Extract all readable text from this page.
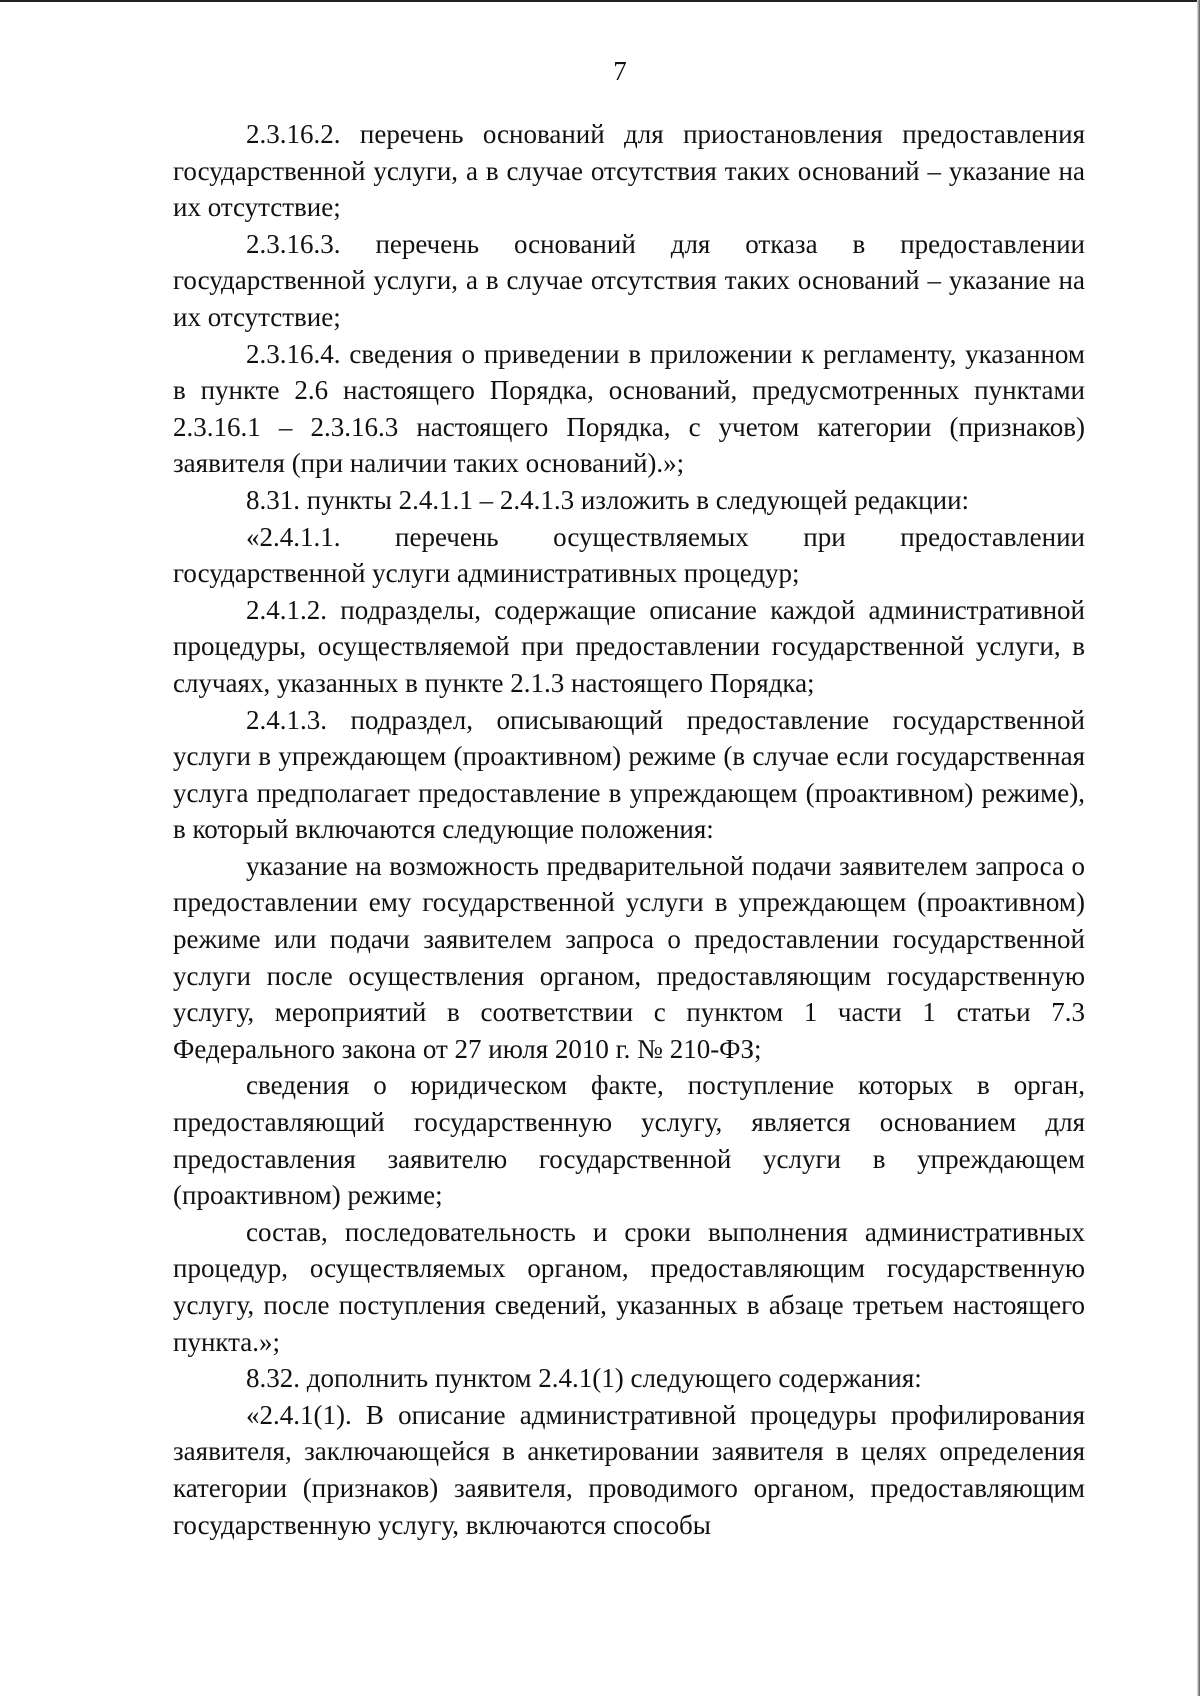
7

2.3.16.2. перечень оснований для приостановления предоставления государственной услуги, а в случае отсутствия таких оснований – указание на их отсутствие;

2.3.16.3. перечень оснований для отказа в предоставлении государственной услуги, а в случае отсутствия таких оснований – указание на их отсутствие;

2.3.16.4. сведения о приведении в приложении к регламенту, указанном в пункте 2.6 настоящего Порядка, оснований, предусмотренных пунктами 2.3.16.1 – 2.3.16.3 настоящего Порядка, с учетом категории (признаков) заявителя (при наличии таких оснований).»;

8.31. пункты 2.4.1.1 – 2.4.1.3 изложить в следующей редакции:

«2.4.1.1. перечень осуществляемых при предоставлении государственной услуги административных процедур;

2.4.1.2. подразделы, содержащие описание каждой административной процедуры, осуществляемой при предоставлении государственной услуги, в случаях, указанных в пункте 2.1.3 настоящего Порядка;

2.4.1.3. подраздел, описывающий предоставление государственной услуги в упреждающем (проактивном) режиме (в случае если государственная услуга предполагает предоставление в упреждающем (проактивном) режиме), в который включаются следующие положения:

указание на возможность предварительной подачи заявителем запроса о предоставлении ему государственной услуги в упреждающем (проактивном) режиме или подачи заявителем запроса о предоставлении государственной услуги после осуществления органом, предоставляющим государственную услугу, мероприятий в соответствии с пунктом 1 части 1 статьи 7.3 Федерального закона от 27 июля 2010 г. № 210-ФЗ;

сведения о юридическом факте, поступление которых в орган, предоставляющий государственную услугу, является основанием для предоставления заявителю государственной услуги в упреждающем (проактивном) режиме;

состав, последовательность и сроки выполнения административных процедур, осуществляемых органом, предоставляющим государственную услугу, после поступления сведений, указанных в абзаце третьем настоящего пункта.»;

8.32. дополнить пунктом 2.4.1(1) следующего содержания:

«2.4.1(1). В описание административной процедуры профилирования заявителя, заключающейся в анкетировании заявителя в целях определения категории (признаков) заявителя, проводимого органом, предоставляющим государственную услугу, включаются способы
